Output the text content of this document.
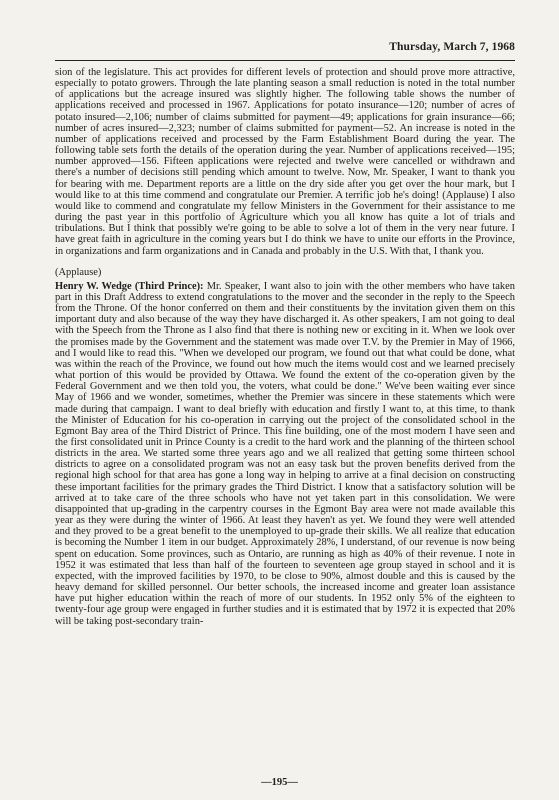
Thursday, March 7, 1968

sion of the legislature. This act provides for different levels of protection and should prove more attractive, especially to potato growers. Through the late planting season a small reduction is noted in the total number of applications but the acreage insured was slightly higher. The following table shows the number of applications received and processed in 1967. Applications for potato insurance—120; number of acres of potato insured—2,106; number of claims submitted for payment—49; applications for grain insurance—66; number of acres insured—2,323; number of claims submitted for payment—52. An increase is noted in the number of applications received and processed by the Farm Establishment Board during the year. The following table sets forth the details of the operation during the year. Number of applications received—195; number approved—156. Fifteen applications were rejected and twelve were cancelled or withdrawn and there's a number of decisions still pending which amount to twelve. Now, Mr. Speaker, I want to thank you for bearing with me. Department reports are a little on the dry side after you get over the hour mark, but I would like to at this time commend and congratulate our Premier. A terrific job he's doing! (Applause) I also would like to commend and congratulate my fellow Ministers in the Government for their assistance to me during the past year in this portfolio of Agriculture which you all know has quite a lot of trials and tribulations. But I think that possibly we're going to be able to solve a lot of them in the very near future. I have great faith in agriculture in the coming years but I do think we have to unite our efforts in the Province, in organizations and farm organizations and in Canada and probably in the U.S. With that, I thank you.

(Applause)

Henry W. Wedge (Third Prince): Mr. Speaker, I want also to join with the other members who have taken part in this Draft Address to extend congratulations to the mover and the seconder in the reply to the Speech from the Throne. Of the honor conferred on them and their constituents by the invitation given them on this important duty and also because of the way they have discharged it. As other speakers, I am not going to deal with the Speech from the Throne as I also find that there is nothing new or exciting in it. When we look over the promises made by the Government and the statement was made over T.V. by the Premier in May of 1966, and I would like to read this. "When we developed our program, we found out that what could be done, what was within the reach of the Province, we found out how much the items would cost and we learned precisely what portion of this would be provided by Ottawa. We found the extent of the co-operation given by the Federal Government and we then told you, the voters, what could be done." We've been waiting ever since May of 1966 and we wonder, sometimes, whether the Premier was sincere in these statements which were made during that campaign. I want to deal briefly with education and firstly I want to, at this time, to thank the Minister of Education for his co-operation in carrying out the project of the consolidated school in the Egmont Bay area of the Third District of Prince. This fine building, one of the most modern I have seen and the first consolidated unit in Prince County is a credit to the hard work and the planning of the thirteen school districts in the area. We started some three years ago and we all realized that getting some thirteen school districts to agree on a consolidated program was not an easy task but the proven benefits derived from the regional high school for that area has gone a long way in helping to arrive at a final decision on constructing these important facilities for the primary grades the Third District. I know that a satisfactory solution will be arrived at to take care of the three schools who have not yet taken part in this consolidation. We were disappointed that up-grading in the carpentry courses in the Egmont Bay area were not made available this year as they were during the winter of 1966. At least they haven't as yet. We found they were well attended and they proved to be a great benefit to the unemployed to up-grade their skills. We all realize that education is becoming the Number 1 item in our budget. Approximately 28%, I understand, of our revenue is now being spent on education. Some provinces, such as Ontario, are running as high as 40% of their revenue. I note in 1952 it was estimated that less than half of the fourteen to seventeen age group stayed in school and it is expected, with the improved facilities by 1970, to be close to 90%, almost double and this is caused by the heavy demand for skilled personnel. Our better schools, the increased income and greater loan assistance have put higher education within the reach of more of our students. In 1952 only 5% of the eighteen to twenty-four age group were engaged in further studies and it is estimated that by 1972 it is expected that 20% will be taking post-secondary train-

—195—
